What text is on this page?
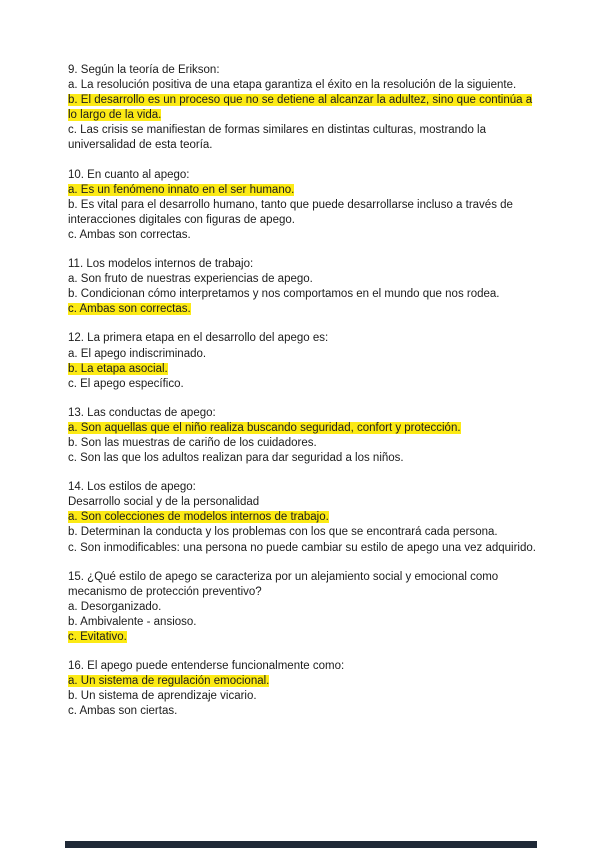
9. Según la teoría de Erikson:

a. La resolución positiva de una etapa garantiza el éxito en la resolución de la siguiente.

b. El desarrollo es un proceso que no se detiene al alcanzar la adultez, sino que continúa a lo largo de la vida.

c. Las crisis se manifiestan de formas similares en distintas culturas, mostrando la universalidad de esta teoría.

10. En cuanto al apego:

a. Es un fenómeno innato en el ser humano.

b. Es vital para el desarrollo humano, tanto que puede desarrollarse incluso a través de interacciones digitales con figuras de apego.

c. Ambas son correctas.

11. Los modelos internos de trabajo:

a. Son fruto de nuestras experiencias de apego.

b. Condicionan cómo interpretamos y nos comportamos en el mundo que nos rodea.

c. Ambas son correctas.

12. La primera etapa en el desarrollo del apego es:

a. El apego indiscriminado.

b. La etapa asocial.

c. El apego específico.

13. Las conductas de apego:

a. Son aquellas que el niño realiza buscando seguridad, confort y protección.

b. Son las muestras de cariño de los cuidadores.

c. Son las que los adultos realizan para dar seguridad a los niños.

14. Los estilos de apego:

Desarrollo social y de la personalidad

a. Son colecciones de modelos internos de trabajo.

b. Determinan la conducta y los problemas con los que se encontrará cada persona.

c. Son inmodificables: una persona no puede cambiar su estilo de apego una vez adquirido.

15. ¿Qué estilo de apego se caracteriza por un alejamiento social y emocional como mecanismo de protección preventivo?

a. Desorganizado.

b. Ambivalente - ansioso.

c. Evitativo.

16. El apego puede entenderse funcionalmente como:

a. Un sistema de regulación emocional.

b. Un sistema de aprendizaje vicario.

c. Ambas son ciertas.
